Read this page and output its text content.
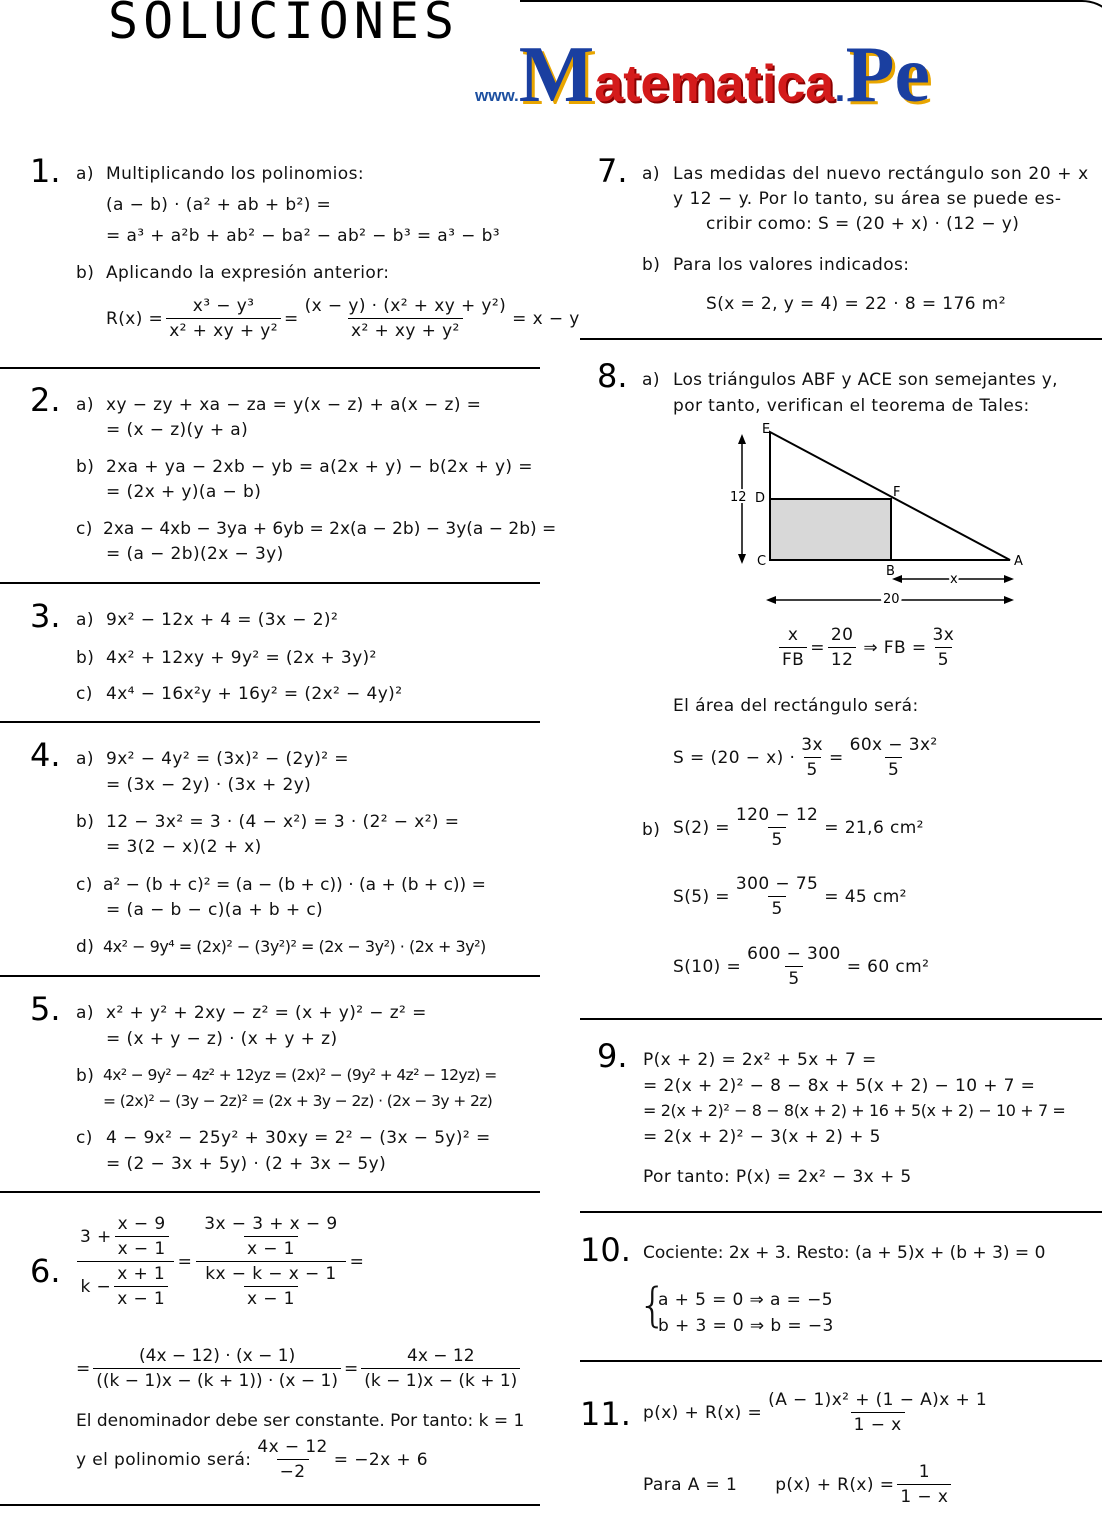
SOLUCIONES
www.Matematica.Pe
1. a) Multiplicando los polinomios:
(a − b) · (a² + ab + b²) =
= a³ + a²b + ab² − ba² − ab² − b³ = a³ − b³
b) Aplicando la expresión anterior:
$R(x) = \frac{\text{x³ − y³}}{\text{x² + xy + y²}} = \frac{\text{(x − y) · (x² + xy + y²)}}{\text{x² + xy + y²}} = x - y$
2. a) xy − zy + xa − za = y(x − z) + a(x − z) =
= (x − z)(y + a)
b) 2xa + ya − 2xb − yb = a(2x + y) − b(2x + y) =
= (2x + y)(a − b)
c) 2xa − 4xb − 3ya + 6yb = 2x(a − 2b) − 3y(a − 2b) =
= (a − 2b)(2x − 3y)
3. a) 9x² − 12x + 4 = (3x − 2)²
b) 4x² + 12xy + 9y² = (2x + 3y)²
c) 4x⁴ − 16x²y + 16y² = (2x² − 4y)²
4. a) 9x² − 4y² = (3x)² − (2y)² =
= (3x − 2y) · (3x + 2y)
b) 12 − 3x² = 3 · (4 − x²) = 3 · (2² − x²) =
= 3(2 − x)(2 + x)
c) a² − (b + c)² = (a − (b + c)) · (a + (b + c)) =
= (a − b − c)(a + b + c)
d) 4x² − 9y⁴ = (2x)² − (3y²)² = (2x − 3y²) · (2x + 3y²)
5. a) x² + y² + 2xy − z² = (x + y)² − z² =
= (x + y − z) · (x + y + z)
b) 4x² − 9y² − 4z² + 12yz = (2x)² − (9y² + 4z² − 12yz) =
= (2x)² − (3y − 2z)² = (2x + 3y − 2z) · (2x − 3y + 2z)
c) 4 − 9x² − 25y² + 30xy = 2² − (3x − 5y)² =
= (2 − 3x + 5y) · (2 + 3x − 5y)
6. $\frac{3 + \frac{x - 9}{x - 1}}{k - \frac{x + 1}{x - 1}} = \frac{\frac{3x - 3 + x - 9}{x - 1}}{\frac{kx - k - x - 1}{x - 1}}$ =
= $\frac{(4x - 12) \cdot (x - 1)}{((k - 1)x - (k + 1)) \cdot (x - 1)} = \frac{4x - 12}{(k - 1)x - (k + 1)}$
El denominador debe ser constante. Por tanto: k = 1
y el polinomio será: $\frac{4x - 12}{-2} = -2x + 6$
7. a) Las medidas del nuevo rectángulo son 20 + x
y 12 − y. Por lo tanto, su área se puede es-
cribir como: S = (20 + x) · (12 − y)
b) Para los valores indicados:
S(x = 2, y = 4) = 22 · 8 = 176 m²
8. a) Los triángulos ABF y ACE son semejantes y,
por tanto, verifican el teorema de Tales:
E
D	F
C
B
A
12
x
20
$\frac{x}{FB} = \frac{20}{12}$ ⇒ FB = $\frac{3x}{5}$
El área del rectángulo será:
$S = (20 - x) \cdot \frac{3x}{5} = \frac{\text{60x − 3x²}}{5}$
b) $S(2) = \frac{120 - 12}{5} = 21,6$ cm²
$S(5) = \frac{300 - 75}{5} = 45$ cm²
$S(10) = \frac{600 - 300}{5} = 60$ cm²
9. P(x + 2) = 2x² + 5x + 7 =
= 2(x + 2)² − 8 − 8x + 5(x + 2) − 10 + 7 =
= 2(x + 2)² − 8 − 8(x + 2) + 16 + 5(x + 2) − 10 + 7 =
= 2(x + 2)² − 3(x + 2) + 5
Por tanto: P(x) = 2x² − 3x + 5
10. Cociente: 2x + 3. Resto: (a + 5)x + (b + 3) = 0
{
a + 5 = 0 ⇒ a = −5
b + 3 = 0 ⇒ b = −3
11. $p(x) + R(x) = \frac{\text{(A − 1)x² + (1 − A)x + 1}}{1 - x}$
Para A = 1 $p(x) + R(x) = \frac{1}{1 - x}$
